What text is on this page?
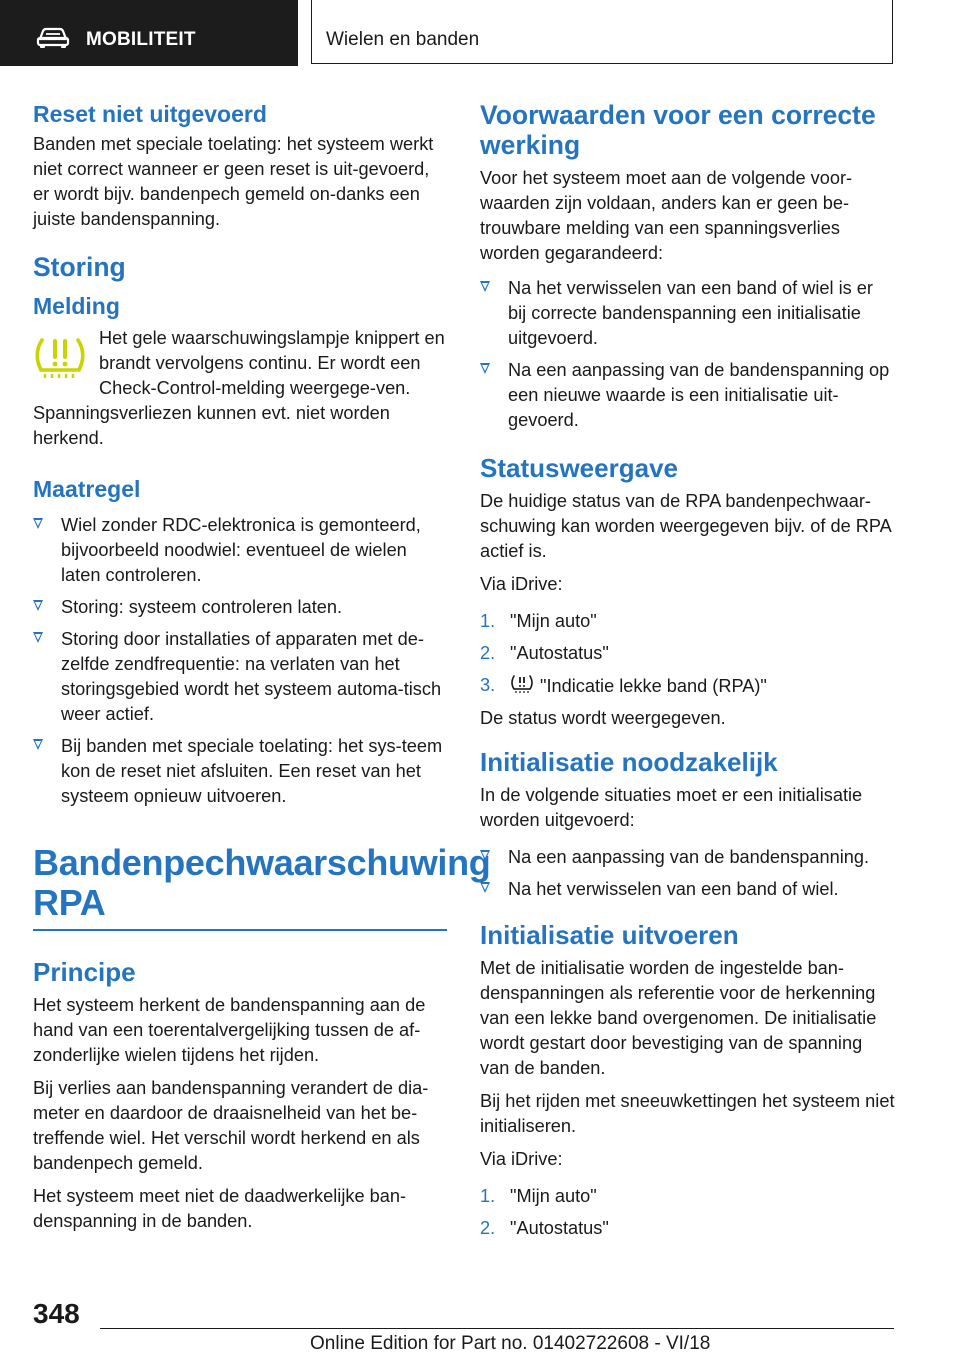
MOBILITEIT	Wielen en banden
Reset niet uitgevoerd

Banden met speciale toelating: het systeem werkt niet correct wanneer er geen reset is uit-gevoerd, er wordt bijv. bandenpech gemeld on-danks een juiste bandenspanning.

Storing
Melding

Het gele waarschuwingslampje knippert en brandt vervolgens continu. Er wordt een Check-Control-melding weergege-ven. Spanningsverliezen kunnen evt. niet worden herkend.

Maatregel
Wiel zonder RDC-elektronica is gemonteerd, bijvoorbeeld noodwiel: eventueel de wielen laten controleren.
Storing: systeem controleren laten.
Storing door installaties of apparaten met de-zelfde zendfrequentie: na verlaten van het storingsgebied wordt het systeem automa-tisch weer actief.
Bij banden met speciale toelating: het sys-teem kon de reset niet afsluiten. Een reset van het systeem opnieuw uitvoeren.
Bandenpechwaarschuwing RPA
Principe

Het systeem herkent de bandenspanning aan de hand van een toerentalvergelijking tussen de af-zonderlijke wielen tijdens het rijden.

Bij verlies aan bandenspanning verandert de dia-meter en daardoor de draaisnelheid van het be-treffende wiel. Het verschil wordt herkend en als bandenpech gemeld.

Het systeem meet niet de daadwerkelijke ban-denspanning in de banden.

Voorwaarden voor een correcte werking

Voor het systeem moet aan de volgende voor-waarden zijn voldaan, anders kan er geen be-trouwbare melding van een spanningsverlies worden gegarandeerd:

Na het verwisselen van een band of wiel is er bij correcte bandenspanning een initialisatie uitgevoerd.
Na een aanpassing van de bandenspanning op een nieuwe waarde is een initialisatie uit-gevoerd.
Statusweergave

De huidige status van de RPA bandenpechwaar-schuwing kan worden weergegeven bijv. of de RPA actief is.

Via iDrive:

1. "Mijn auto"
2. "Autostatus"
3. "Indicatie lekke band (RPA)"

De status wordt weergegeven.

Initialisatie noodzakelijk

In de volgende situaties moet er een initialisatie worden uitgevoerd:

Na een aanpassing van de bandenspanning.
Na het verwisselen van een band of wiel.
Initialisatie uitvoeren

Met de initialisatie worden de ingestelde ban-denspanningen als referentie voor de herkenning van een lekke band overgenomen. De initialisatie wordt gestart door bevestiging van de spanning van de banden.

Bij het rijden met sneeuwkettingen het systeem niet initialiseren.

Via iDrive:

1. "Mijn auto"
2. "Autostatus"
348
Online Edition for Part no. 01402722608 - VI/18
